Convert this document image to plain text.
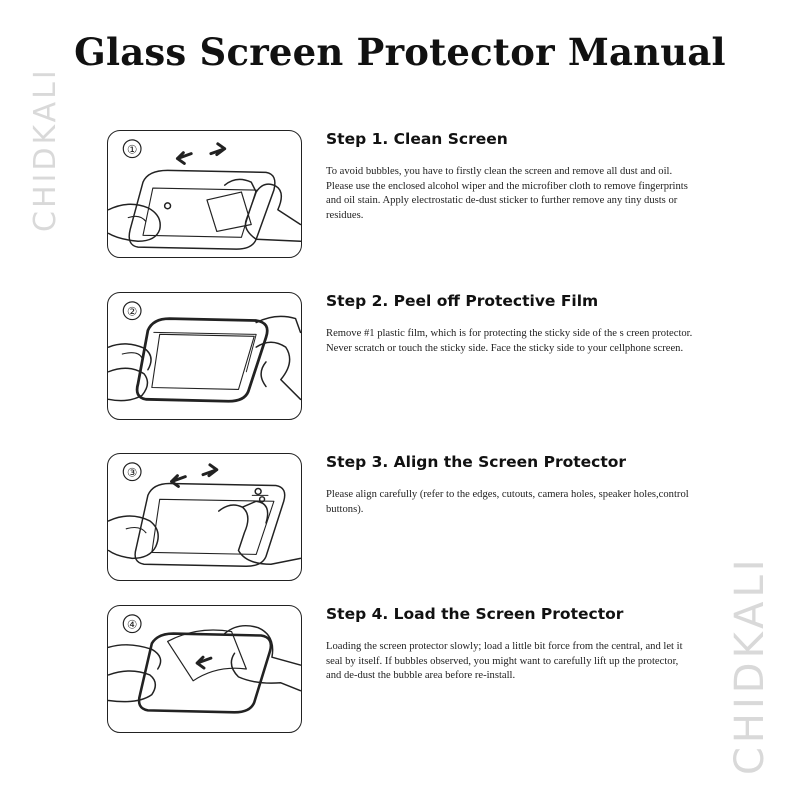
Glass Screen Protector Manual
CHIDKALI
CHIDKALI
①
Step 1. Clean Screen
To avoid bubbles, you have to firstly clean the screen and remove all dust and oil. Please use the enclosed alcohol wiper and the microfiber cloth to remove fingerprints and oil stain. Apply electrostatic de-dust sticker to further remove any tiny dusts or residues.
②
Step 2. Peel off Protective Film
Remove #1 plastic film, which is for protecting the sticky side of the s creen protector. Never scratch or touch the sticky side. Face the sticky side to your cellphone screen.
③
Step 3. Align the Screen Protector
Please align carefully (refer to the edges, cutouts, camera holes, speaker holes,control buttons).
④
Step 4. Load the Screen Protector
Loading the screen protector slowly; load a little bit force from the central, and let it seal by itself. If bubbles observed, you might want to carefully lift up the protector, and de-dust the bubble area before re-install.
